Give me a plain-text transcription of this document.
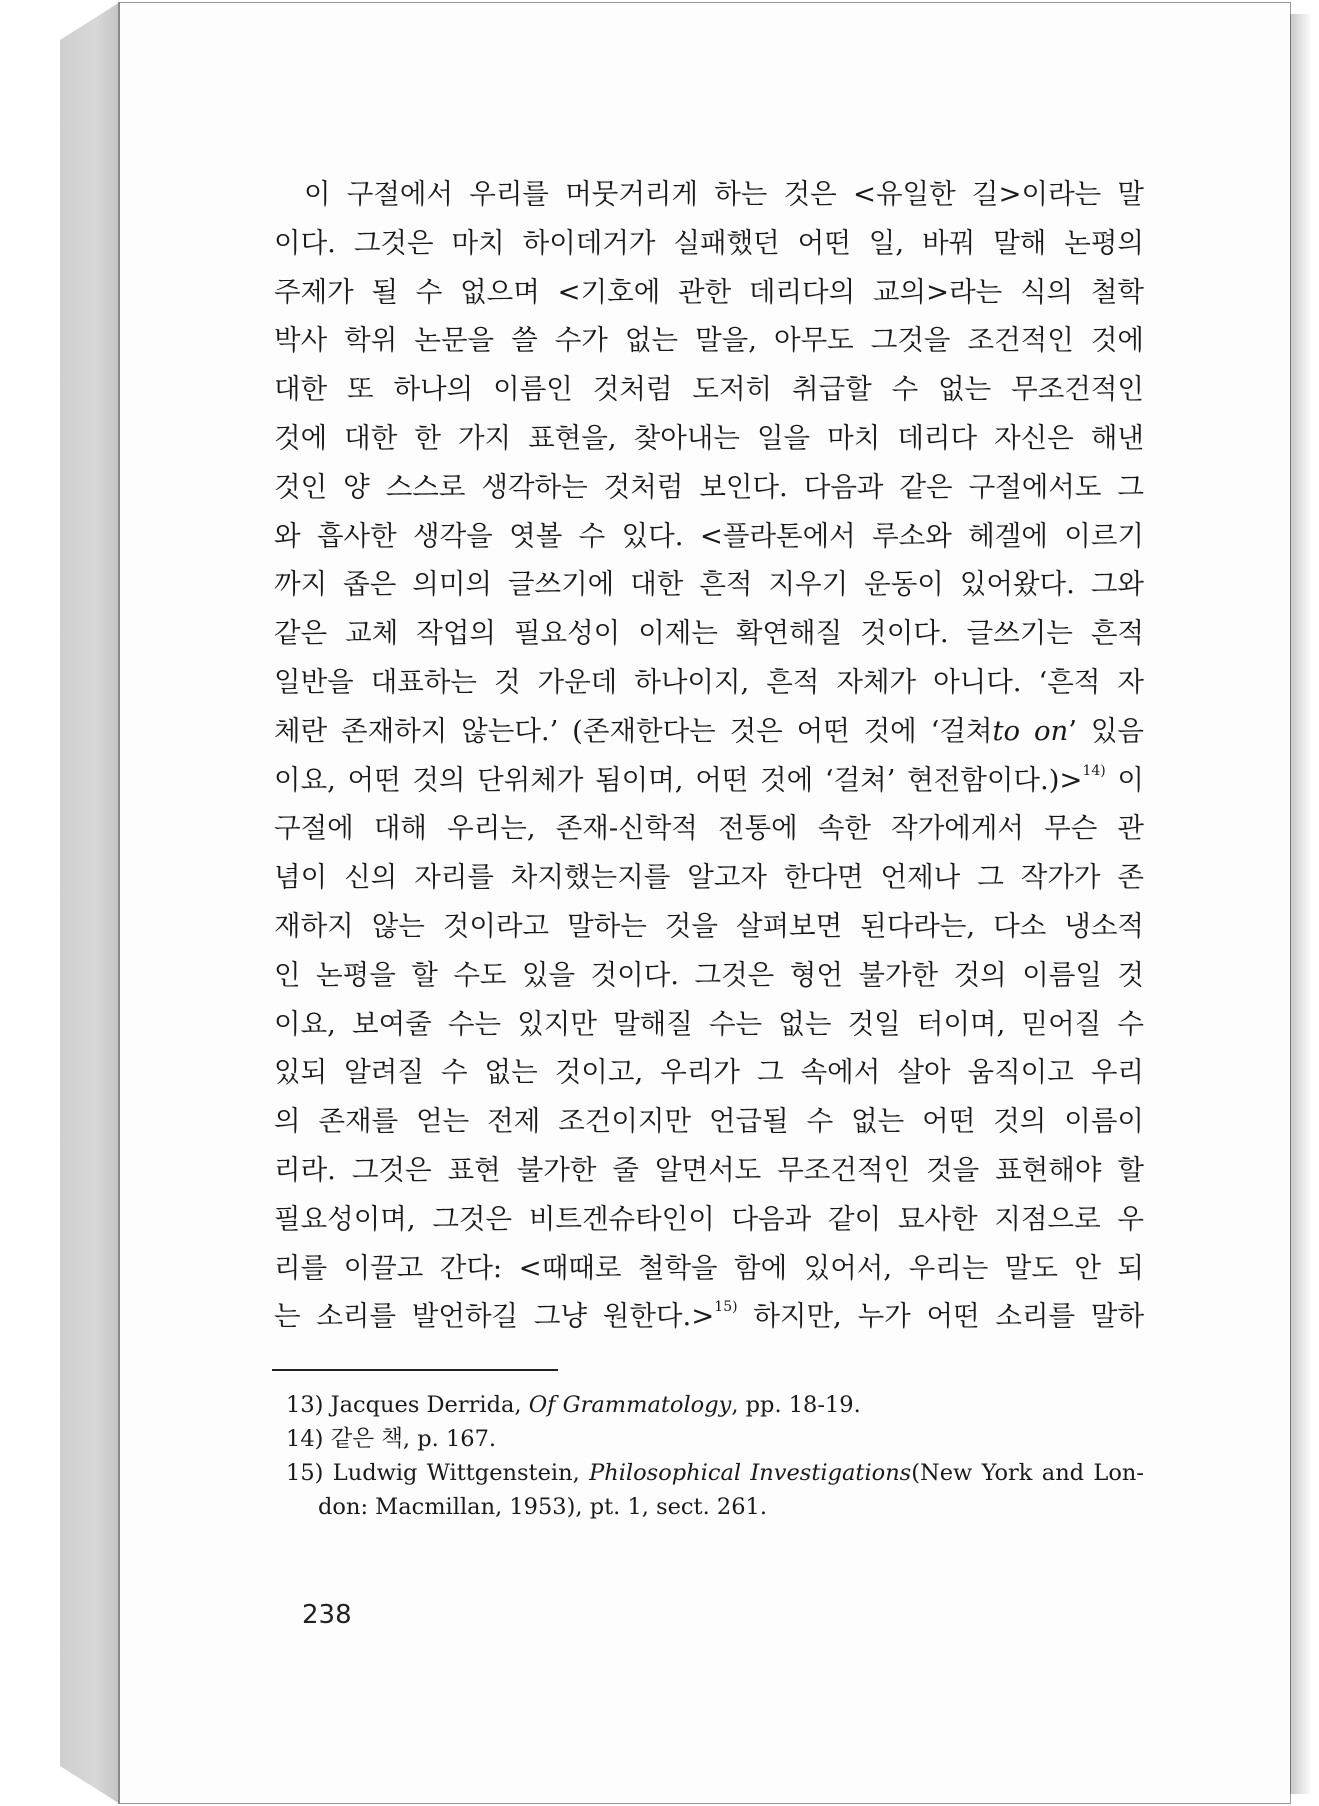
이 구절에서 우리를 머뭇거리게 하는 것은 <유일한 길>이라는 말
이다. 그것은 마치 하이데거가 실패했던 어떤 일, 바꿔 말해 논평의
주제가 될 수 없으며 <기호에 관한 데리다의 교의>라는 식의 철학
박사 학위 논문을 쓸 수가 없는 말을, 아무도 그것을 조건적인 것에
대한 또 하나의 이름인 것처럼 도저히 취급할 수 없는 무조건적인
것에 대한 한 가지 표현을, 찾아내는 일을 마치 데리다 자신은 해낸
것인 양 스스로 생각하는 것처럼 보인다. 다음과 같은 구절에서도 그
와 흡사한 생각을 엿볼 수 있다. <플라톤에서 루소와 헤겔에 이르기
까지 좁은 의미의 글쓰기에 대한 흔적 지우기 운동이 있어왔다. 그와
같은 교체 작업의 필요성이 이제는 확연해질 것이다. 글쓰기는 흔적
일반을 대표하는 것 가운데 하나이지, 흔적 자체가 아니다. ‘흔적 자
체란 존재하지 않는다.’ (존재한다는 것은 어떤 것에 ‘걸쳐to on’ 있음
이요, 어떤 것의 단위체가 됨이며, 어떤 것에 ‘걸쳐’ 현전함이다.)>$^{14)}$ 이
구절에 대해 우리는, 존재-신학적 전통에 속한 작가에게서 무슨 관
념이 신의 자리를 차지했는지를 알고자 한다면 언제나 그 작가가 존
재하지 않는 것이라고 말하는 것을 살펴보면 된다라는, 다소 냉소적
인 논평을 할 수도 있을 것이다. 그것은 형언 불가한 것의 이름일 것
이요, 보여줄 수는 있지만 말해질 수는 없는 것일 터이며, 믿어질 수
있되 알려질 수 없는 것이고, 우리가 그 속에서 살아 움직이고 우리
의 존재를 얻는 전제 조건이지만 언급될 수 없는 어떤 것의 이름이
리라. 그것은 표현 불가한 줄 알면서도 무조건적인 것을 표현해야 할
필요성이며, 그것은 비트겐슈타인이 다음과 같이 묘사한 지점으로 우
리를 이끌고 간다: <때때로 철학을 함에 있어서, 우리는 말도 안 되
는 소리를 발언하길 그냥 원한다.>$^{15)}$ 하지만, 누가 어떤 소리를 말하
13) Jacques Derrida, Of Grammatology, pp. 18-19.
14) 같은 책, p. 167.
15) Ludwig Wittgenstein, Philosophical Investigations(New York and Lon-
don: Macmillan, 1953), pt. 1, sect. 261.
238
